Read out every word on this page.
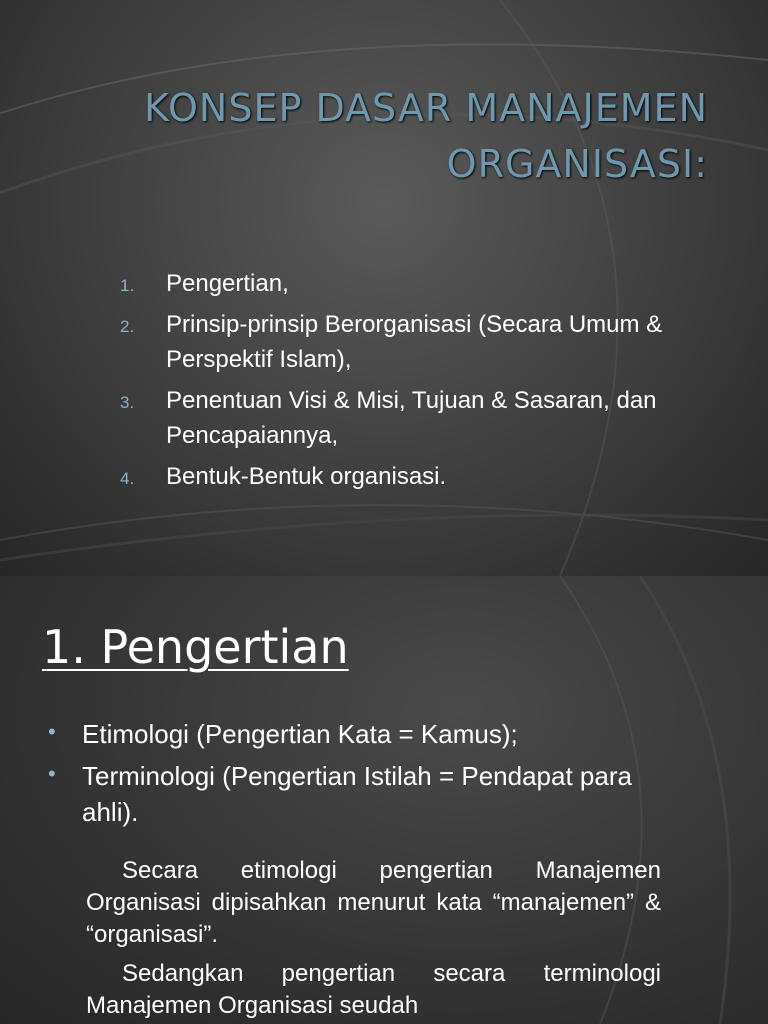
KONSEP DASAR MANAJEMEN
ORGANISASI:
1. Pengertian,
2. Prinsip-prinsip Berorganisasi (Secara Umum & Perspektif Islam),
3. Penentuan Visi & Misi, Tujuan & Sasaran, dan Pencapaiannya,
4. Bentuk-Bentuk organisasi.
1. Pengertian
• Etimologi (Pengertian Kata = Kamus);
• Terminologi (Pengertian Istilah = Pendapat para ahli).
Secara etimologi pengertian Manajemen Organisasi dipisahkan menurut kata “manajemen” & “organisasi”.
Sedangkan pengertian secara terminologi Manajemen Organisasi seudah
